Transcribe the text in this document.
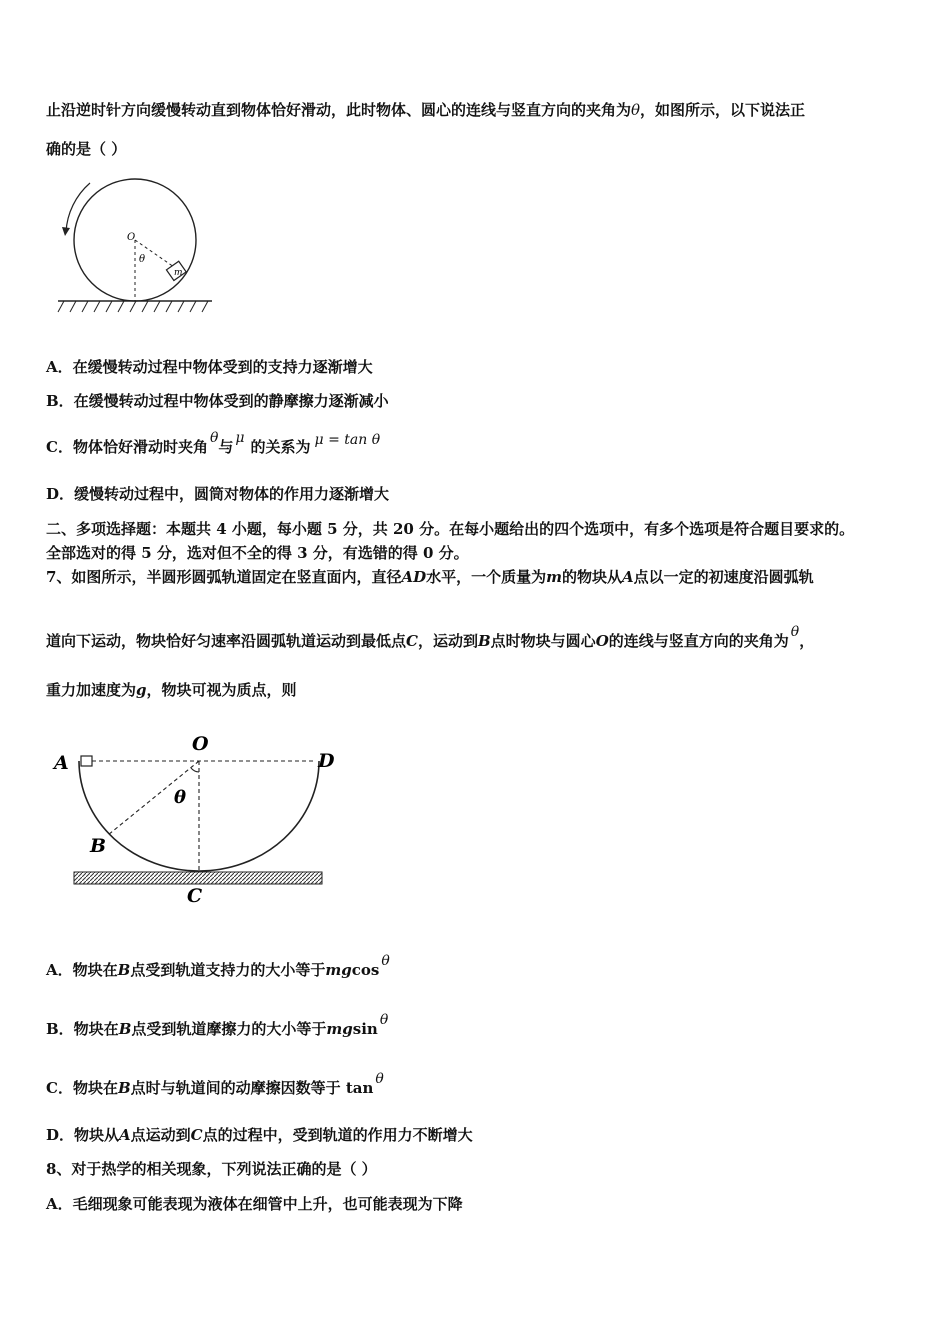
止沿逆时针方向缓慢转动直到物体恰好滑动，此时物体、圆心的连线与竖直方向的夹角为θ，如图所示，以下说法正
确的是（ ）
m
O
θ
A．在缓慢转动过程中物体受到的支持力逐渐增大
B．在缓慢转动过程中物体受到的静摩擦力逐渐减小
C．物体恰好滑动时夹角 θ与 μ 的关系为 μ = tan θ
D．缓慢转动过程中，圆筒对物体的作用力逐渐增大
二、多项选择题：本题共 4 小题，每小题 5 分，共 20 分。在每小题给出的四个选项中，有多个选项是符合题目要求的。
全部选对的得 5 分，选对但不全的得 3 分，有选错的得 0 分。
7、如图所示，半圆形圆弧轨道固定在竖直面内，直径AD水平，一个质量为m的物块从A点以一定的初速度沿圆弧轨
道向下运动，物块恰好匀速率沿圆弧轨道运动到最低点C，运动到B点时物块与圆心O的连线与竖直方向的夹角为 θ，
重力加速度为g，物块可视为质点，则
A
O
D
θ
B
C
A．物块在B点受到轨道支持力的大小等于mgcos θ
B．物块在B点受到轨道摩擦力的大小等于mgsin θ
C．物块在B点时与轨道间的动摩擦因数等于 tan θ
D．物块从A点运动到C点的过程中，受到轨道的作用力不断增大
8、对于热学的相关现象，下列说法正确的是（ ）
A．毛细现象可能表现为液体在细管中上升，也可能表现为下降
